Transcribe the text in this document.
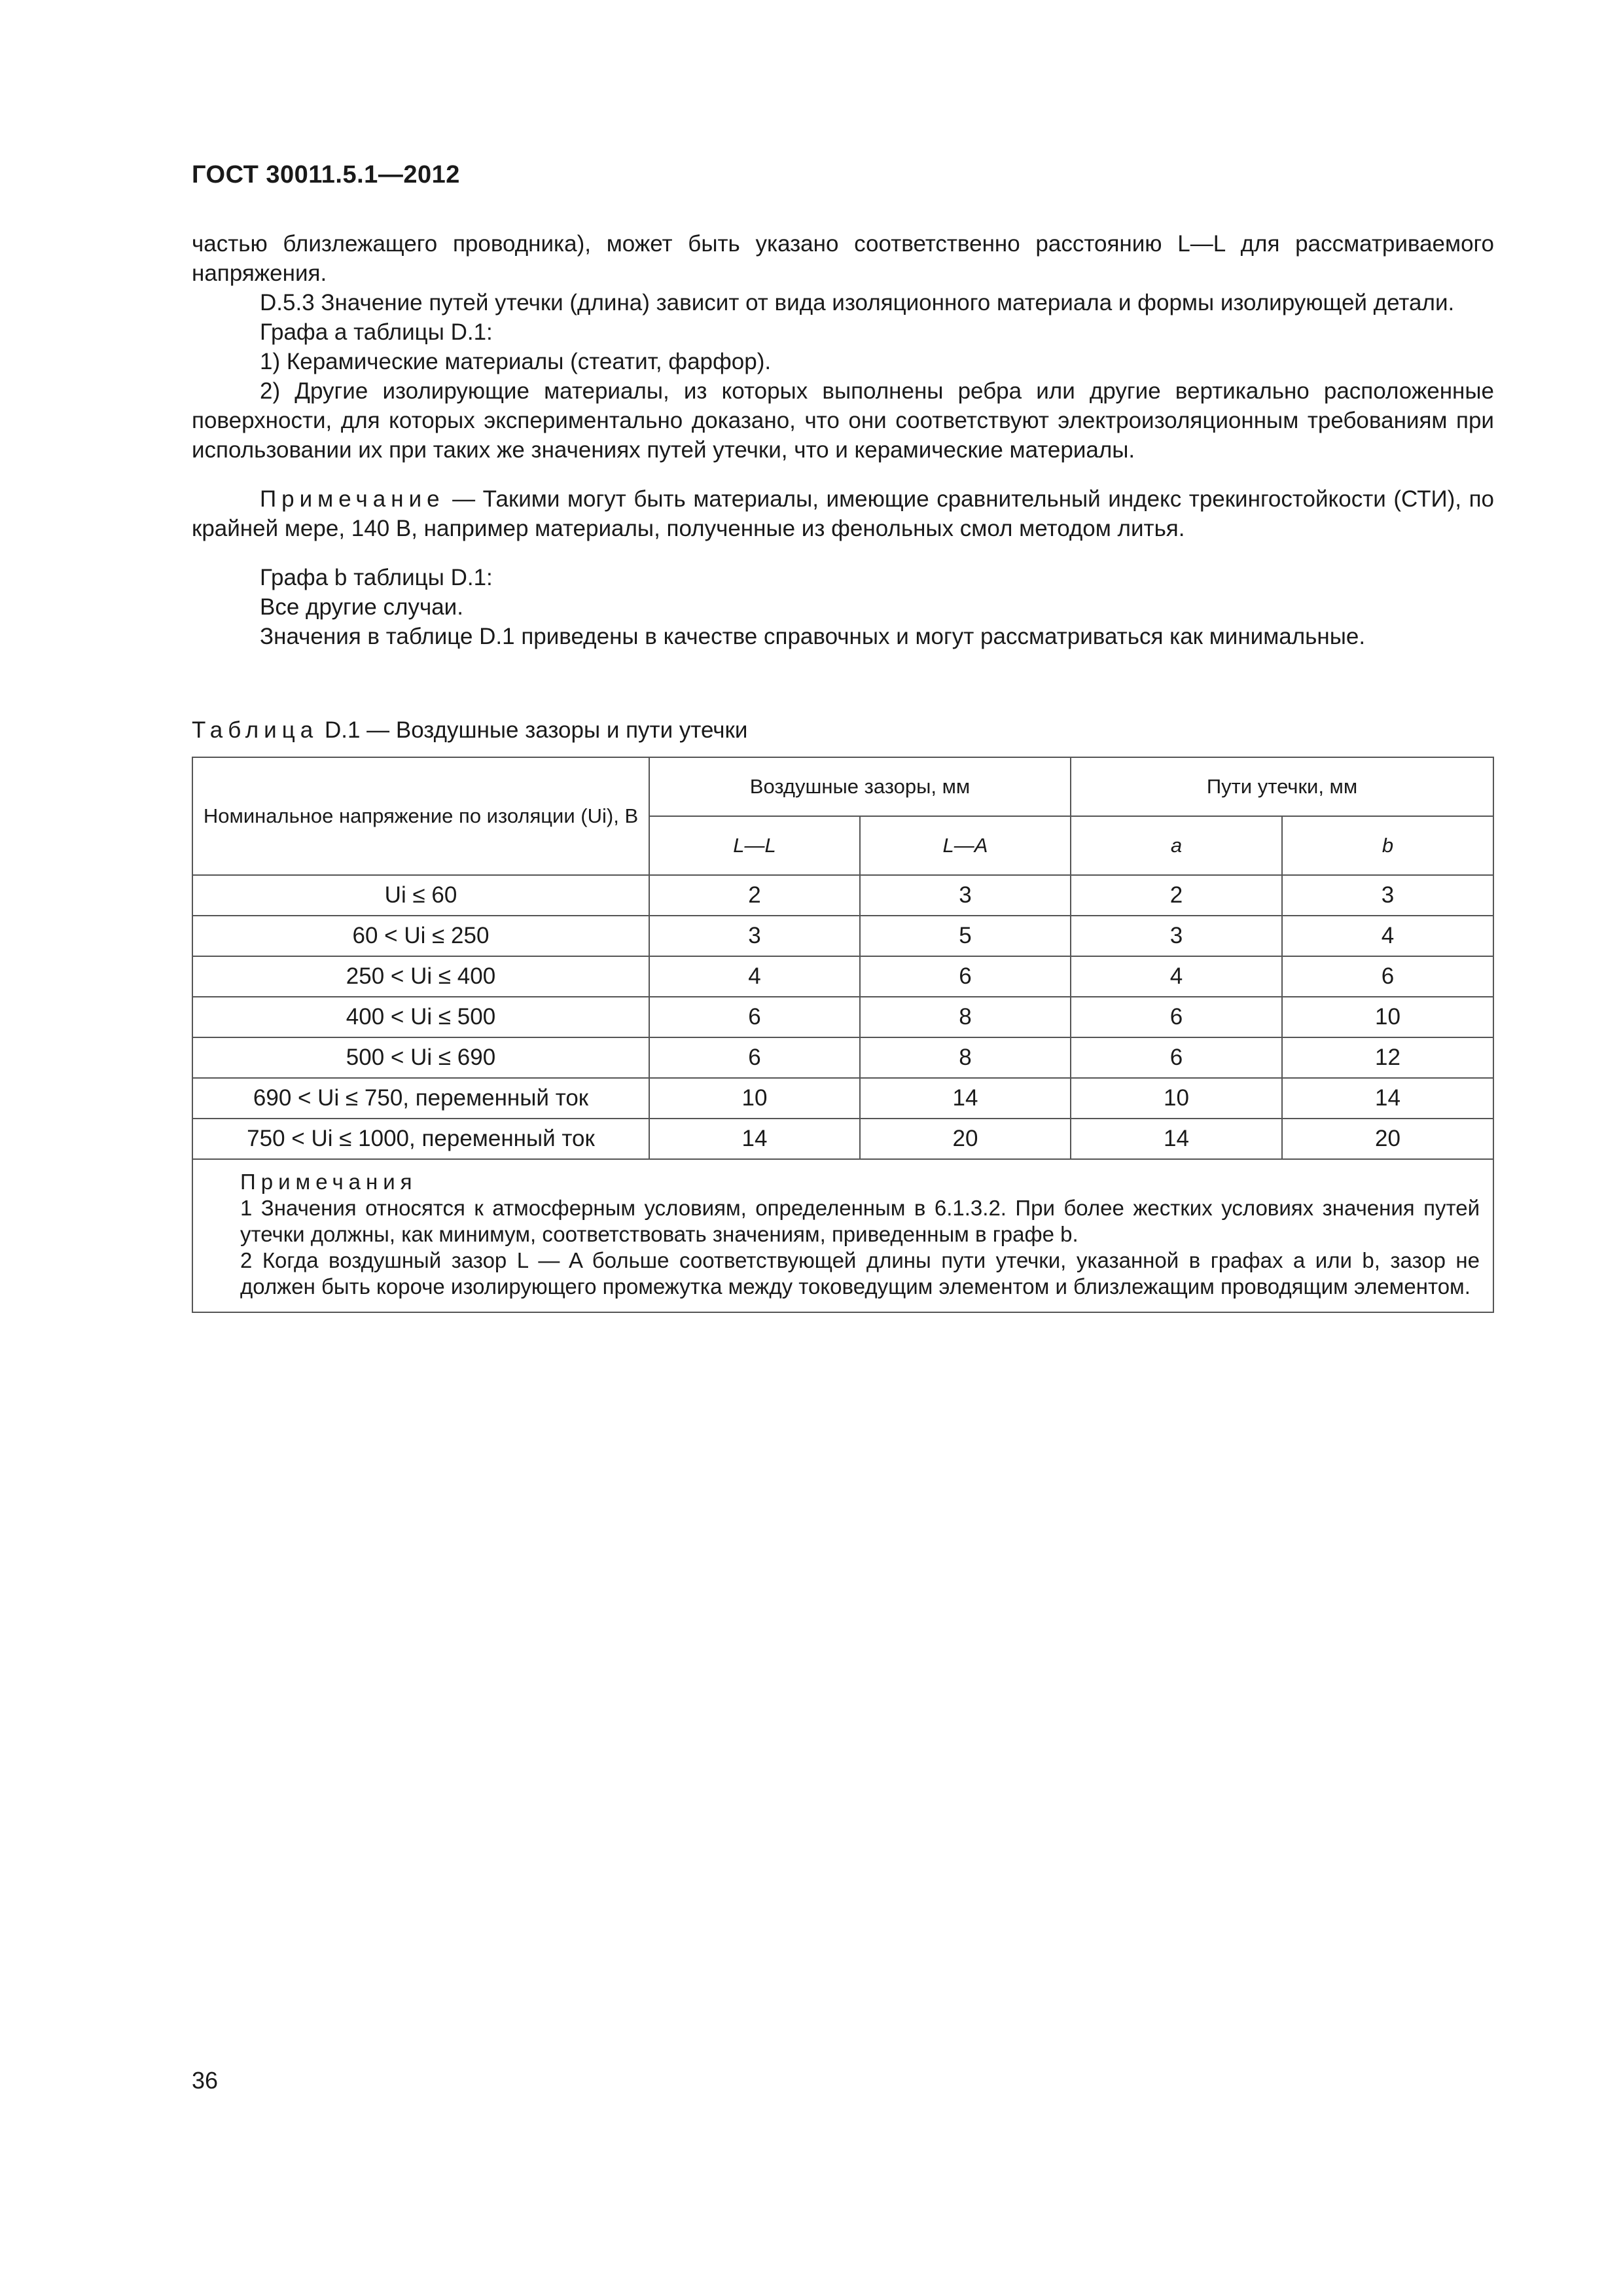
ГОСТ 30011.5.1—2012

частью близлежащего проводника), может быть указано соответственно расстоянию L—L для рассматриваемого напряжения.

D.5.3 Значение путей утечки (длина) зависит от вида изоляционного материала и формы изолирующей детали.

Графа a таблицы D.1:

1) Керамические материалы (стеатит, фарфор).

2) Другие изолирующие материалы, из которых выполнены ребра или другие вертикально расположенные поверхности, для которых экспериментально доказано, что они соответствуют электроизоляционным требованиям при использовании их при таких же значениях путей утечки, что и керамические материалы.

Примечание — Такими могут быть материалы, имеющие сравнительный индекс трекингостойкости (СТИ), по крайней мере, 140 В, например материалы, полученные из фенольных смол методом литья.

Графа b таблицы D.1:

Все другие случаи.

Значения в таблице D.1 приведены в качестве справочных и могут рассматриваться как минимальные.

Таблица D.1 — Воздушные зазоры и пути утечки
Номинальное напряжение по изоляции (Ui), В	Воздушные зазоры, мм		Пути утечки, мм	
	L—L	L—A	a	b
Ui ≤ 60	2	3	2	3
60 < Ui ≤ 250	3	5	3	4
250 < Ui ≤ 400	4	6	4	6
400 < Ui ≤ 500	6	8	6	10
500 < Ui ≤ 690	6	8	6	12
690 < Ui ≤ 750, переменный ток	10	14	10	14
750 < Ui ≤ 1000, переменный ток	14	20	14	20

Примечания

1 Значения относятся к атмосферным условиям, определенным в 6.1.3.2. При более жестких условиях значения путей утечки должны, как минимум, соответствовать значениям, приведенным в графе b.

2 Когда воздушный зазор L — A больше соответствующей длины пути утечки, указанной в графах a или b, зазор не должен быть короче изолирующего промежутка между токоведущим элементом и близлежащим проводящим элементом.				

36
